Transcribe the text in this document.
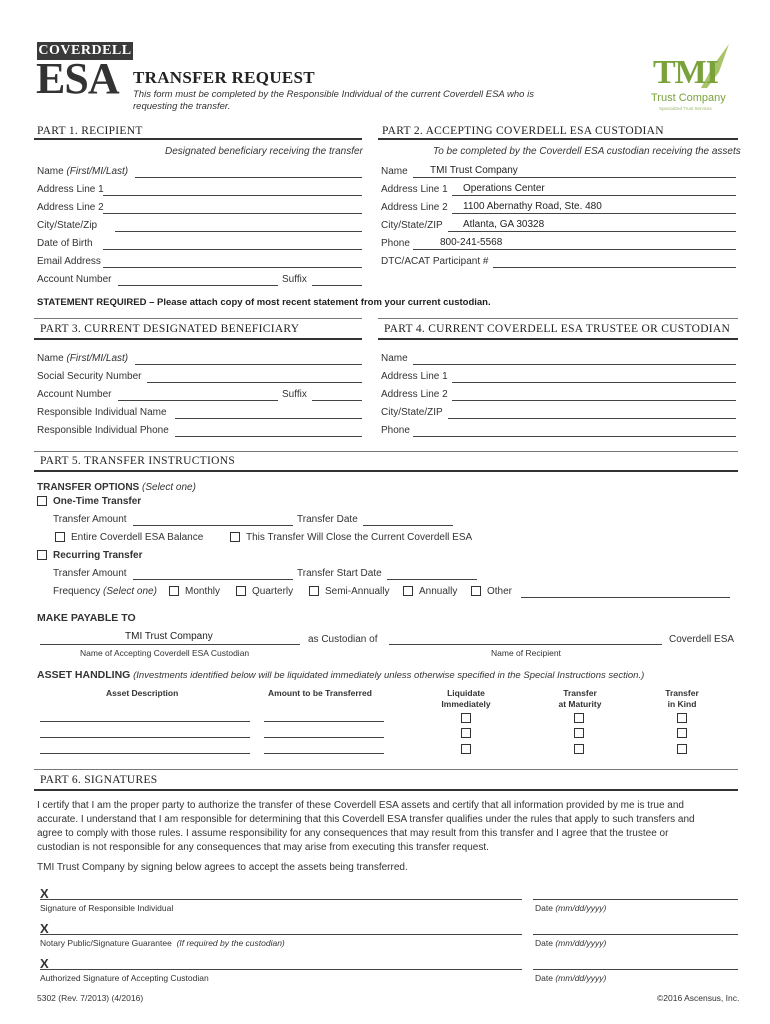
COVERDELL
ESA TRANSFER REQUEST
This form must be completed by the Responsible Individual of the current Coverdell ESA who is
requesting the transfer.
TMI
Trust Company
Specialized Trust Services
PART 1. RECIPIENT	PART 2. ACCEPTING COVERDELL ESA CUSTODIAN
Designated beneficiary receiving the transfer	To be completed by the Coverdell ESA custodian receiving the assets
Name (First/MI/Last)
Address Line 1
Address Line 2
City/State/Zip
Date of Birth
Email Address
Account Number	Suffix
Name TMI Trust Company
Address Line 1 Operations Center
Address Line 2 1100 Abernathy Road, Ste. 480
City/State/ZIP Atlanta, GA 30328
Phone	800-241-5568
DTC/ACAT Participant #
STATEMENT REQUIRED – Please attach copy of most recent statement from your current custodian.
PART 3. CURRENT DESIGNATED BENEFICIARY	PART 4. CURRENT COVERDELL ESA TRUSTEE OR CUSTODIAN
Name (First/MI/Last)
Social Security Number
Account Number	Suffix
Responsible Individual Name
Responsible Individual Phone
Name
Address Line 1
Address Line 2
City/State/ZIP
Phone
PART 5. TRANSFER INSTRUCTIONS
TRANSFER OPTIONS (Select one)
One-Time Transfer
Transfer Amount	Transfer Date
Entire Coverdell ESA Balance	This Transfer Will Close the Current Coverdell ESA
Recurring Transfer
Transfer Amount	Transfer Start Date
Frequency (Select one)	Monthly	Quarterly	Semi-Annually	Annually	Other
MAKE PAYABLE TO
TMI Trust Company	as Custodian of	Coverdell ESA
Name of Accepting Coverdell ESA Custodian	Name of Recipient
ASSET HANDLING (Investments identified below will be liquidated immediately unless otherwise specified in the Special Instructions section.)
Asset Description	Amount to be Transferred	Liquidate
Immediately
Transfer
at Maturity
Transfer
in Kind
PART 6. SIGNATURES
I certify that I am the proper party to authorize the transfer of these Coverdell ESA assets and certify that all information provided by me is true and
accurate. I understand that I am responsible for determining that this Coverdell ESA transfer qualifies under the rules that apply to such transfers and
agree to comply with those rules. I assume responsibility for any consequences that may result from this transfer and I agree that the trustee or
custodian is not responsible for any consequences that may arise from executing this transfer request.
TMI Trust Company by signing below agrees to accept the assets being transferred.
X
Signature of Responsible Individual	Date (mm/dd/yyyy)
X
Notary Public/Signature Guarantee (If required by the custodian)	Date (mm/dd/yyyy)
X
Authorized Signature of Accepting Custodian	Date (mm/dd/yyyy)
5302 (Rev. 7/2013) (4/2016)	©2016 Ascensus, Inc.
